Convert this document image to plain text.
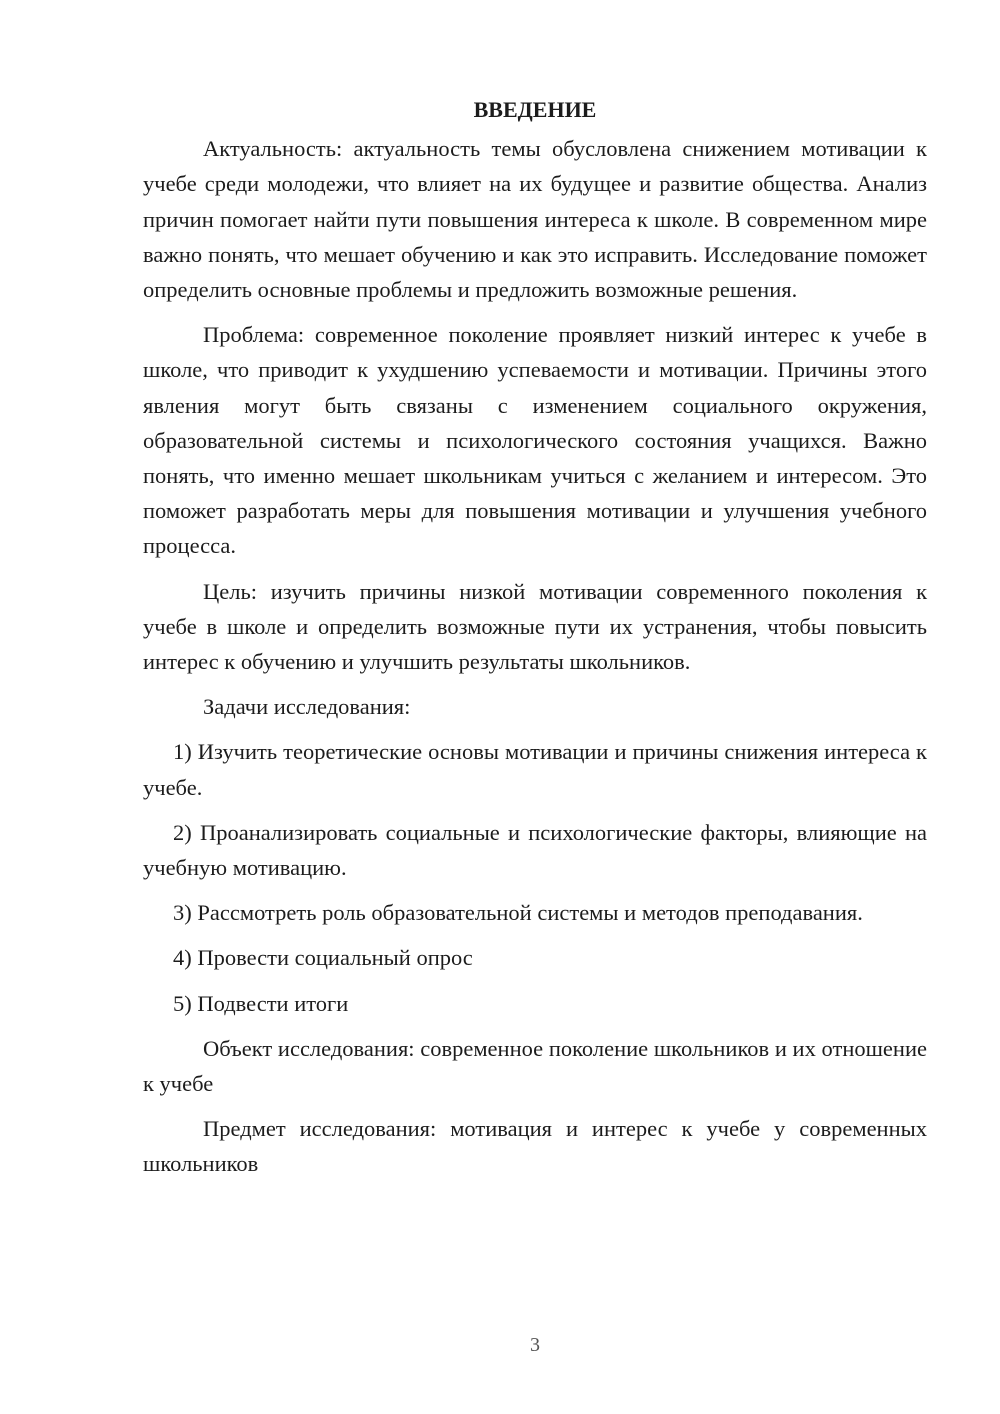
ВВЕДЕНИЕ

Актуальность: актуальность темы обусловлена снижением мотивации к учебе среди молодежи, что влияет на их будущее и развитие общества. Анализ причин помогает найти пути повышения интереса к школе. В современном мире важно понять, что мешает обучению и как это исправить. Исследование поможет определить основные проблемы и предложить возможные решения.

Проблема: современное поколение проявляет низкий интерес к учебе в школе, что приводит к ухудшению успеваемости и мотивации. Причины этого явления могут быть связаны с изменением социального окружения, образовательной системы и психологического состояния учащихся. Важно понять, что именно мешает школьникам учиться с желанием и интересом. Это поможет разработать меры для повышения мотивации и улучшения учебного процесса.

Цель: изучить причины низкой мотивации современного поколения к учебе в школе и определить возможные пути их устранения, чтобы повысить интерес к обучению и улучшить результаты школьников.

Задачи исследования:

1) Изучить теоретические основы мотивации и причины снижения интереса к учебе.

2) Проанализировать социальные и психологические факторы, влияющие на учебную мотивацию.

3) Рассмотреть роль образовательной системы и методов преподавания.

4) Провести социальный опрос

5) Подвести итоги

Объект исследования: современное поколение школьников и их отношение к учебе

Предмет исследования: мотивация и интерес к учебе у современных школьников

3
